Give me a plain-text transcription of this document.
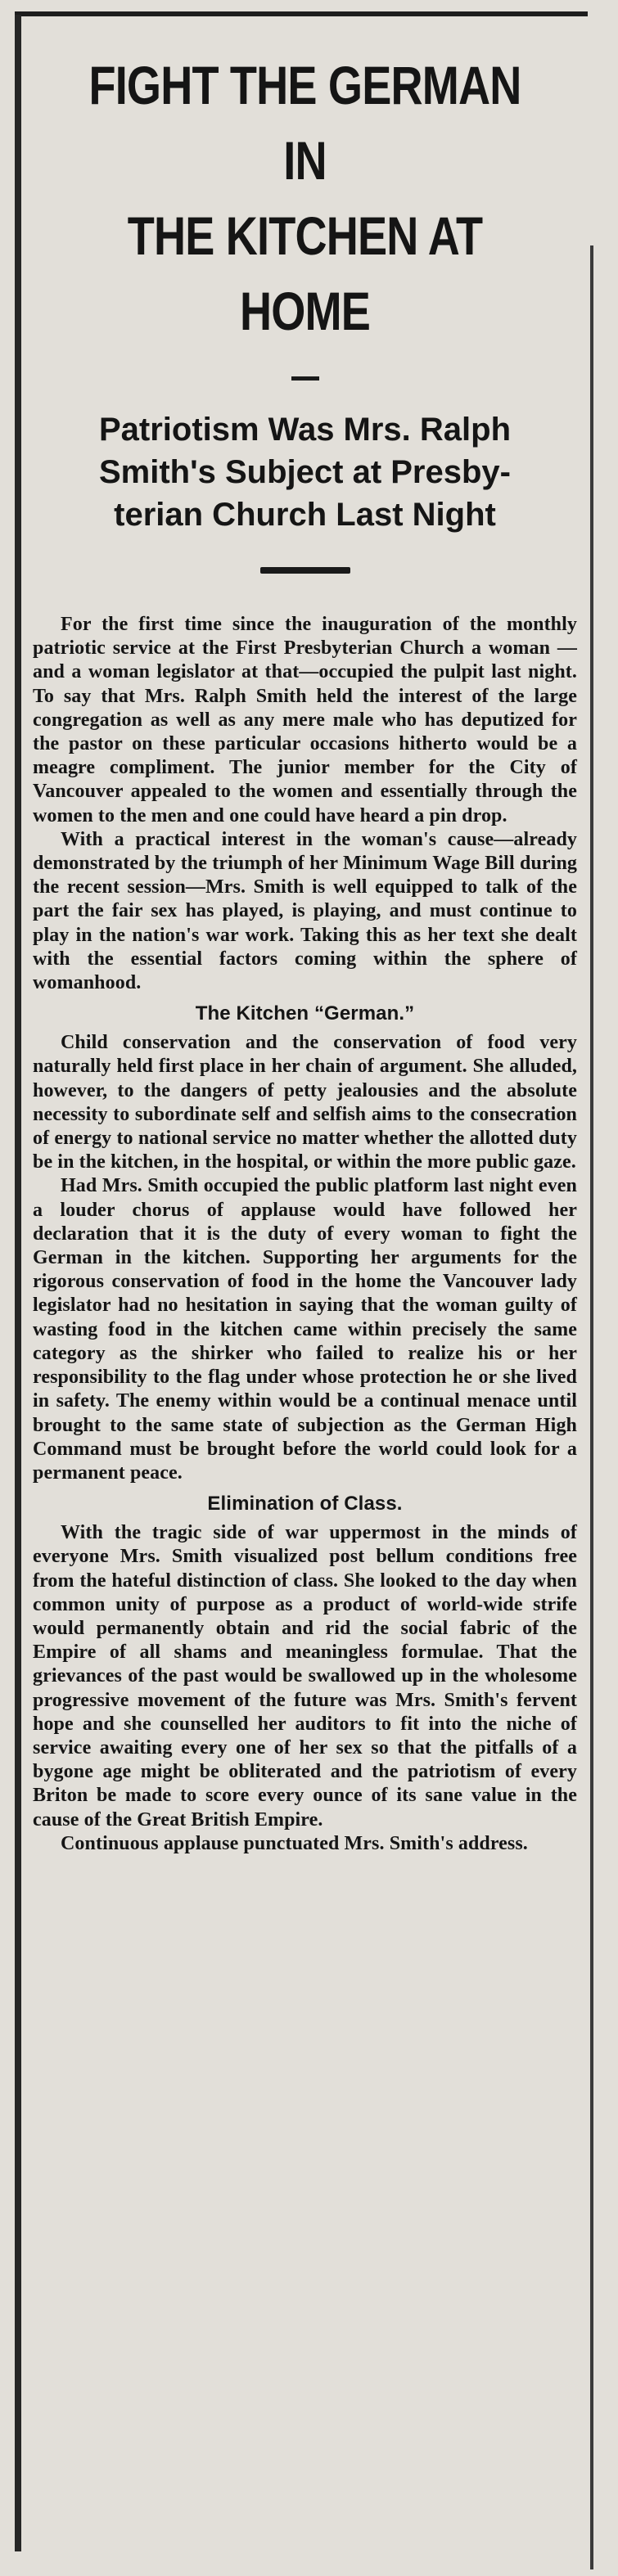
FIGHT THE GERMAN IN
THE KITCHEN AT HOME
Patriotism Was Mrs. Ralph
Smith's Subject at Presby-
terian Church Last Night

For the first time since the inauguration of the monthly patriotic service at the First Presbyterian Church a woman — and a woman legislator at that—occupied the pulpit last night. To say that Mrs. Ralph Smith held the interest of the large congregation as well as any mere male who has deputized for the pastor on these particular occasions hitherto would be a meagre compliment. The junior member for the City of Vancouver appealed to the women and essentially through the women to the men and one could have heard a pin drop.

With a practical interest in the woman's cause—already demonstrated by the triumph of her Minimum Wage Bill during the recent session—Mrs. Smith is well equipped to talk of the part the fair sex has played, is playing, and must continue to play in the nation's war work. Taking this as her text she dealt with the essential factors coming within the sphere of womanhood.

The Kitchen “German.”

Child conservation and the conservation of food very naturally held first place in her chain of argument. She alluded, however, to the dangers of petty jealousies and the absolute necessity to subordinate self and selfish aims to the consecration of energy to national service no matter whether the allotted duty be in the kitchen, in the hospital, or within the more public gaze.

Had Mrs. Smith occupied the public platform last night even a louder chorus of applause would have followed her declaration that it is the duty of every woman to fight the German in the kitchen. Supporting her arguments for the rigorous conservation of food in the home the Vancouver lady legislator had no hesitation in saying that the woman guilty of wasting food in the kitchen came within precisely the same category as the shirker who failed to realize his or her responsibility to the flag under whose protection he or she lived in safety. The enemy within would be a continual menace until brought to the same state of subjection as the German High Command must be brought before the world could look for a permanent peace.

Elimination of Class.

With the tragic side of war uppermost in the minds of everyone Mrs. Smith visualized post bellum conditions free from the hateful distinction of class. She looked to the day when common unity of purpose as a product of world-wide strife would permanently obtain and rid the social fabric of the Empire of all shams and meaningless formulae. That the grievances of the past would be swallowed up in the wholesome progressive movement of the future was Mrs. Smith's fervent hope and she counselled her auditors to fit into the niche of service awaiting every one of her sex so that the pitfalls of a bygone age might be obliterated and the patriotism of every Briton be made to score every ounce of its sane value in the cause of the Great British Empire.

Continuous applause punctuated Mrs. Smith's address.
